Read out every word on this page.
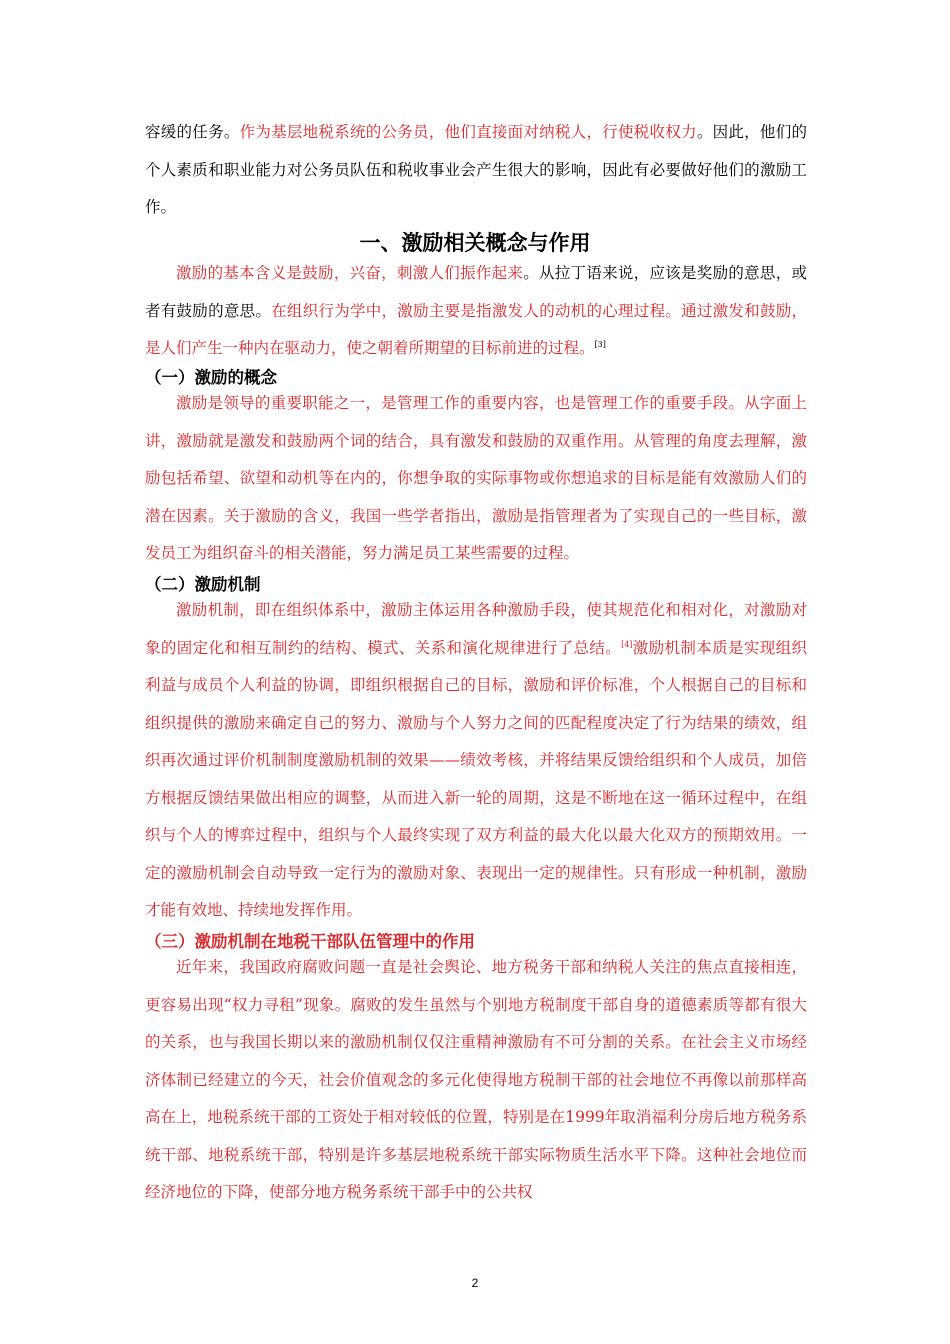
容缓的任务。作为基层地税系统的公务员，他们直接面对纳税人，行使税收权力。因此，他们的个人素质和职业能力对公务员队伍和税收事业会产生很大的影响，因此有必要做好他们的激励工作。

一、激励相关概念与作用

激励的基本含义是鼓励，兴奋，刺激人们振作起来。从拉丁语来说，应该是奖励的意思，或者有鼓励的意思。在组织行为学中，激励主要是指激发人的动机的心理过程。通过激发和鼓励，是人们产生一种内在驱动力，使之朝着所期望的目标前进的过程。[3]

（一）激励的概念

激励是领导的重要职能之一，是管理工作的重要内容，也是管理工作的重要手段。从字面上讲，激励就是激发和鼓励两个词的结合，具有激发和鼓励的双重作用。从管理的角度去理解，激励包括希望、欲望和动机等在内的，你想争取的实际事物或你想追求的目标是能有效激励人们的潜在因素。关于激励的含义，我国一些学者指出，激励是指管理者为了实现自己的一些目标，激发员工为组织奋斗的相关潜能，努力满足员工某些需要的过程。

（二）激励机制

激励机制，即在组织体系中，激励主体运用各种激励手段，使其规范化和相对化，对激励对象的固定化和相互制约的结构、模式、关系和演化规律进行了总结。[4]激励机制本质是实现组织利益与成员个人利益的协调，即组织根据自己的目标，激励和评价标准，个人根据自己的目标和组织提供的激励来确定自己的努力、激励与个人努力之间的匹配程度决定了行为结果的绩效，组织再次通过评价机制制度激励机制的效果——绩效考核，并将结果反馈给组织和个人成员，加倍方根据反馈结果做出相应的调整，从而进入新一轮的周期，这是不断地在这一循环过程中，在组织与个人的博弈过程中，组织与个人最终实现了双方利益的最大化以最大化双方的预期效用。一定的激励机制会自动导致一定行为的激励对象、表现出一定的规律性。只有形成一种机制，激励才能有效地、持续地发挥作用。

（三）激励机制在地税干部队伍管理中的作用

近年来，我国政府腐败问题一直是社会舆论、地方税务干部和纳税人关注的焦点直接相连，更容易出现“权力寻租”现象。腐败的发生虽然与个别地方税制度干部自身的道德素质等都有很大的关系，也与我国长期以来的激励机制仅仅注重精神激励有不可分割的关系。在社会主义市场经济体制已经建立的今天，社会价值观念的多元化使得地方税制干部的社会地位不再像以前那样高高在上，地税系统干部的工资处于相对较低的位置，特别是在1999年取消福利分房后地方税务系统干部、地税系统干部，特别是许多基层地税系统干部实际物质生活水平下降。这种社会地位而经济地位的下降，使部分地方税务系统干部手中的公共权

2
